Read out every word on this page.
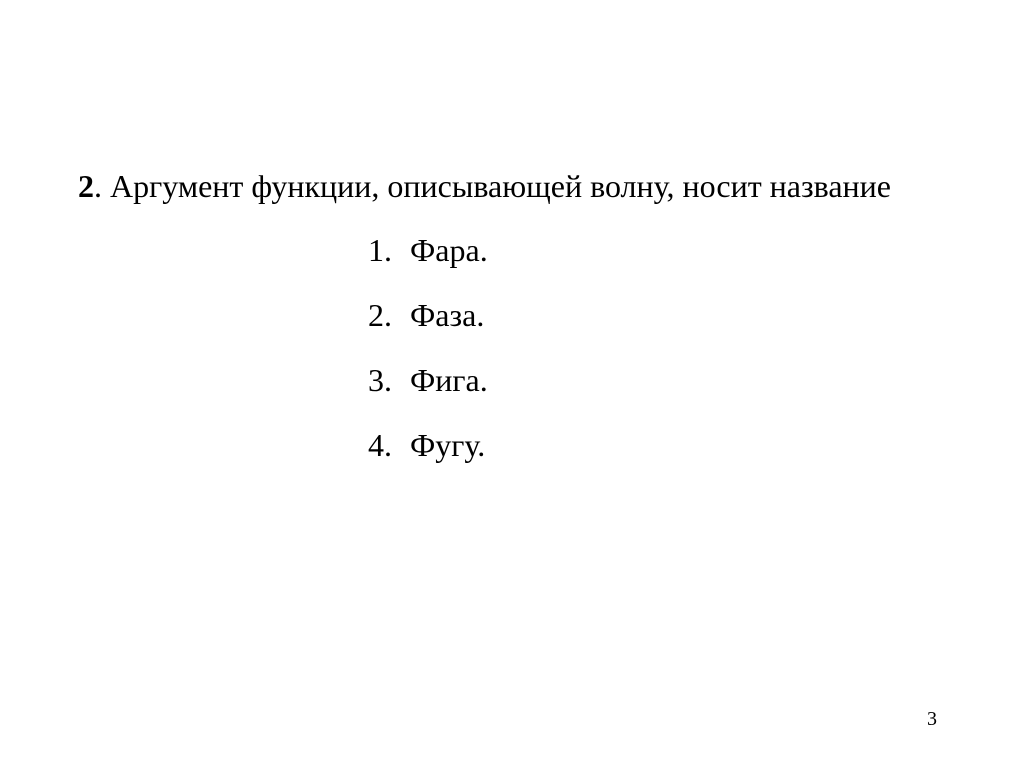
2. Аргумент функции, описывающей волну, носит название
1. Фара.
2. Фаза.
3. Фига.
4. Фугу.
3
